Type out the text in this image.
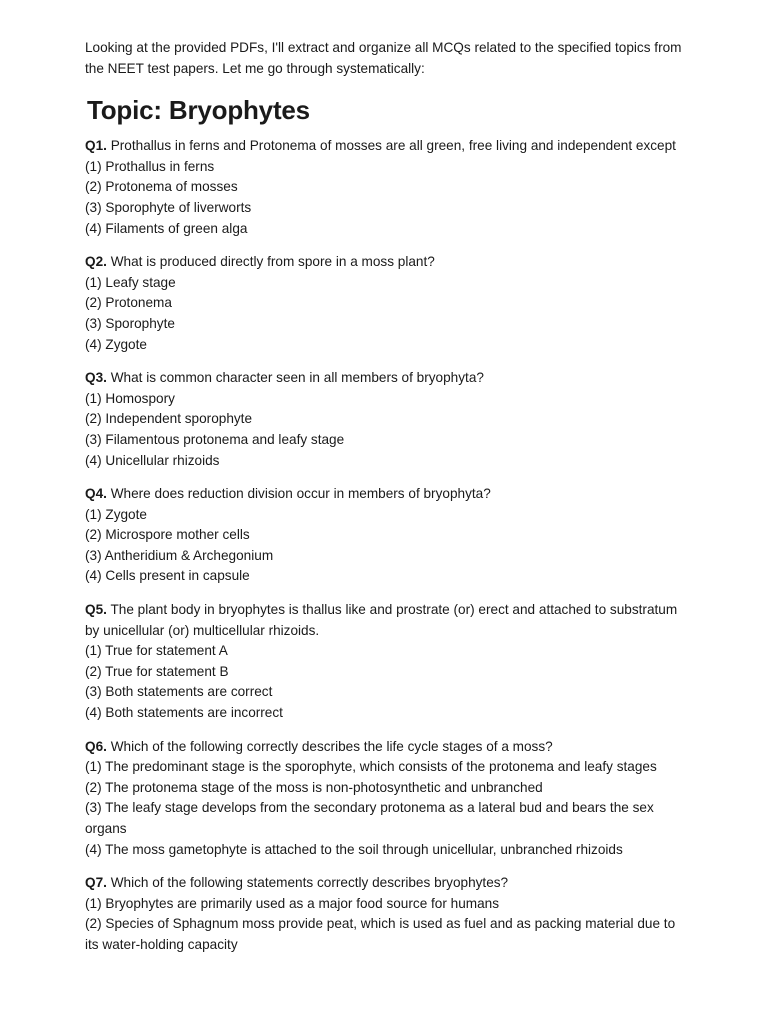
Looking at the provided PDFs, I'll extract and organize all MCQs related to the specified topics from the NEET test papers. Let me go through systematically:

Topic: Bryophytes

Q1. Prothallus in ferns and Protonema of mosses are all green, free living and independent except

(1) Prothallus in ferns

(2) Protonema of mosses

(3) Sporophyte of liverworts

(4) Filaments of green alga

Q2. What is produced directly from spore in a moss plant?

(1) Leafy stage

(2) Protonema

(3) Sporophyte

(4) Zygote

Q3. What is common character seen in all members of bryophyta?

(1) Homospory

(2) Independent sporophyte

(3) Filamentous protonema and leafy stage

(4) Unicellular rhizoids

Q4. Where does reduction division occur in members of bryophyta?

(1) Zygote

(2) Microspore mother cells

(3) Antheridium & Archegonium

(4) Cells present in capsule

Q5. The plant body in bryophytes is thallus like and prostrate (or) erect and attached to substratum by unicellular (or) multicellular rhizoids.

(1) True for statement A

(2) True for statement B

(3) Both statements are correct

(4) Both statements are incorrect

Q6. Which of the following correctly describes the life cycle stages of a moss?

(1) The predominant stage is the sporophyte, which consists of the protonema and leafy stages

(2) The protonema stage of the moss is non-photosynthetic and unbranched

(3) The leafy stage develops from the secondary protonema as a lateral bud and bears the sex organs

(4) The moss gametophyte is attached to the soil through unicellular, unbranched rhizoids

Q7. Which of the following statements correctly describes bryophytes?

(1) Bryophytes are primarily used as a major food source for humans

(2) Species of Sphagnum moss provide peat, which is used as fuel and as packing material due to its water-holding capacity
